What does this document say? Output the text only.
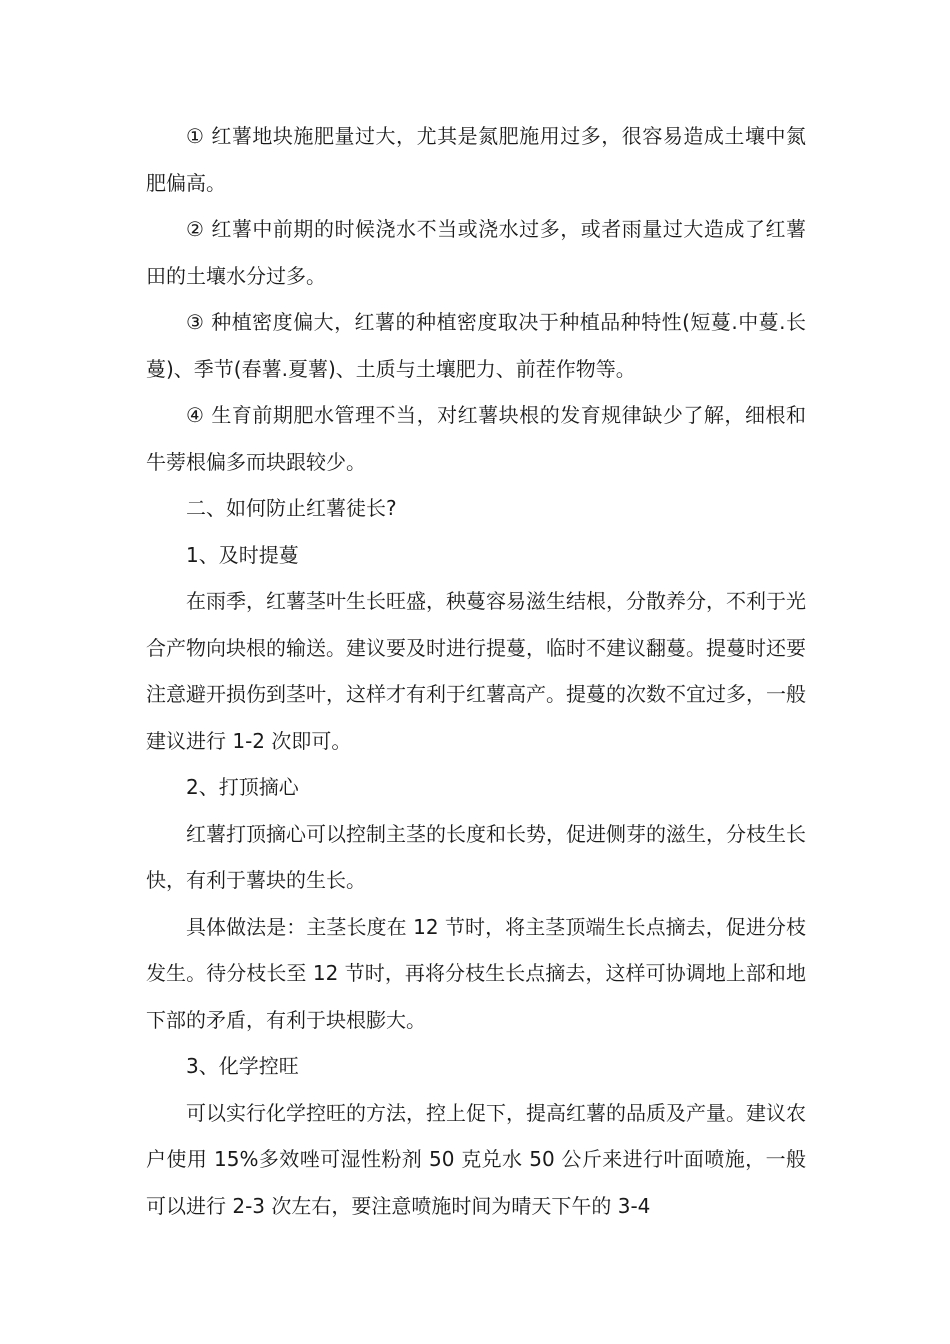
① 红薯地块施肥量过大，尤其是氮肥施用过多，很容易造成土壤中氮肥偏高。

② 红薯中前期的时候浇水不当或浇水过多，或者雨量过大造成了红薯田的土壤水分过多。

③ 种植密度偏大，红薯的种植密度取决于种植品种特性(短蔓.中蔓.长蔓)、季节(春薯.夏薯)、土质与土壤肥力、前茬作物等。

④ 生育前期肥水管理不当，对红薯块根的发育规律缺少了解，细根和牛蒡根偏多而块跟较少。

二、如何防止红薯徒长?

1、及时提蔓

在雨季，红薯茎叶生长旺盛，秧蔓容易滋生结根，分散养分，不利于光合产物向块根的输送。建议要及时进行提蔓，临时不建议翻蔓。提蔓时还要注意避开损伤到茎叶，这样才有利于红薯高产。提蔓的次数不宜过多，一般建议进行 1-2 次即可。

2、打顶摘心

红薯打顶摘心可以控制主茎的长度和长势，促进侧芽的滋生，分枝生长快，有利于薯块的生长。

具体做法是：主茎长度在 12 节时，将主茎顶端生长点摘去，促进分枝发生。待分枝长至 12 节时，再将分枝生长点摘去，这样可协调地上部和地下部的矛盾，有利于块根膨大。

3、化学控旺

可以实行化学控旺的方法，控上促下，提高红薯的品质及产量。建议农户使用 15%多效唑可湿性粉剂 50 克兑水 50 公斤来进行叶面喷施，一般可以进行 2-3 次左右，要注意喷施时间为晴天下午的 3-4
